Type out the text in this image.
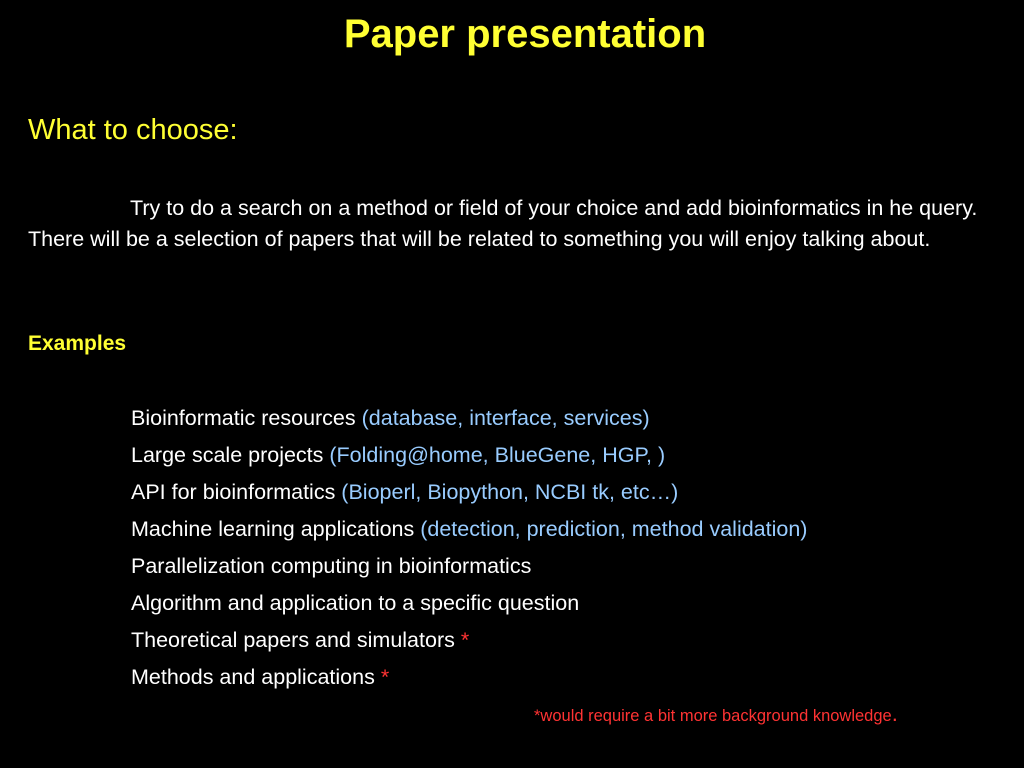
Paper presentation
What to choose:
Try to do a search on a method or field of your choice and add bioinformatics in he query. There will be a selection of papers that will be related to something you will enjoy talking about.
Examples
Bioinformatic resources (database, interface, services)
Large scale projects (Folding@home, BlueGene, HGP, )
API for bioinformatics (Bioperl, Biopython, NCBI tk, etc…)
Machine learning applications (detection, prediction, method validation)
Parallelization computing in bioinformatics
Algorithm and application to a specific question
Theoretical papers and simulators *
Methods and applications *
*would require a bit more background knowledge.
